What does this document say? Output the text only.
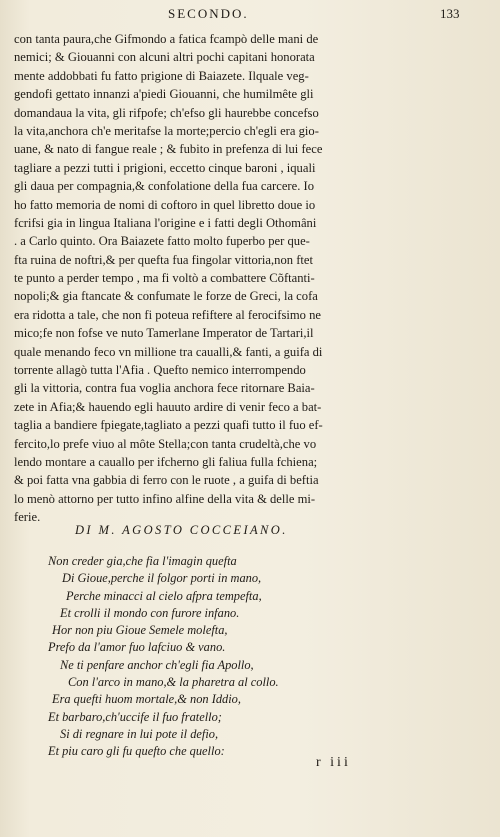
SECONDO.	133
con tanta paura,che Gifmondo a fatica fcampò delle mani de
nemici; & Giouanni con alcuni altri pochi capitani honorata
mente addobbati fu fatto prigione di Baiazete. Ilquale veg-
gendofi gettato innanzi a'piedi Giouanni, che humilmête gli
domandaua la vita, gli rifpofe; ch'efso gli haurebbe concefso
la vita,anchora ch'e meritafse la morte;percio ch'egli era gio-
uane, & nato di fangue reale ; & fubito in prefenza di lui fece
tagliare a pezzi tutti i prigioni, eccetto cinque baroni , iquali
gli daua per compagnia,& confolatione della fua carcere. Io
ho fatto memoria de nomi di coftoro in quel libretto doue io
fcrifsi gia in lingua Italiana l'origine e i fatti degli Othomâni
. a Carlo quinto. Ora Baiazete fatto molto fuperbo per que-
fta ruina de noftri,& per quefta fua fingolar vittoria,non ftet
te punto a perder tempo , ma fi voltò a combattere Cõftanti-
nopoli;& gia ftancate & confumate le forze de Greci, la cofa
era ridotta a tale, che non fi poteua refiftere al ferocifsimo ne
mico;fe non fofse ve nuto Tamerlane Imperator de Tartari,il
quale menando feco vn millione tra caualli,& fanti, a guifa di
torrente allagò tutta l'Afia . Quefto nemico interrompendo
gli la vittoria, contra fua voglia anchora fece ritornare Baia-
zete in Afia;& hauendo egli hauuto ardire di venir feco a bat-
taglia a bandiere fpiegate,tagliato a pezzi quafi tutto il fuo ef-
fercito,lo prefe viuo al môte Stella;con tanta crudeltà,che vo
lendo montare a cauallo per ifcherno gli faliua fulla fchiena;
& poi fatta vna gabbia di ferro con le ruote , a guifa di beftia
lo menò attorno per tutto infino alfine della vita & delle mi-
ferie.
DI M. AGOSTO COCCEIANO.
Non creder gia,che fia l'imagin quefta
Di Gioue,perche il folgor porti in mano,
Perche minacci al cielo afpra tempefta,
Et crolli il mondo con furore infano.
Hor non piu Gioue Semele molefta,
Prefo da l'amor fuo lafciuo & vano.
Ne ti penfare anchor ch'egli fia Apollo,
Con l'arco in mano,& la pharetra al collo.
Era quefti huom mortale,& non Iddio,
Et barbaro,ch'uccife il fuo fratello;
Si di regnare in lui pote il defio,
Et piu caro gli fu quefto che quello:
r iii
